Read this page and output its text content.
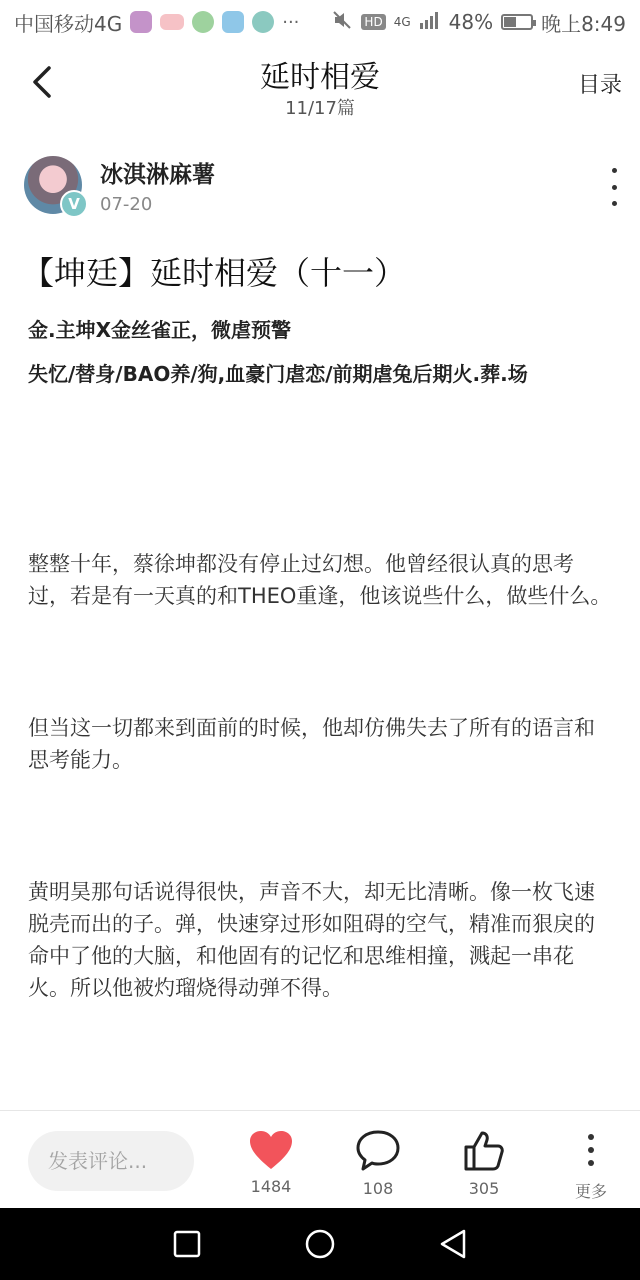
中国移动4G	···	HD 4G 48% 晚上8:49
延时相爱
11/17篇
目录
V
冰淇淋麻薯
07-20
【坤廷】延时相爱（十一）

金.主坤X金丝雀正，微虐预警

失忆/替身/BAO养/狗,血豪门虐恋/前期虐兔后期火.葬.场

整整十年，蔡徐坤都没有停止过幻想。他曾经很认真的思考过，若是有一天真的和THEO重逢，他该说些什么，做些什么。

但当这一切都来到面前的时候，他却仿佛失去了所有的语言和思考能力。

黄明昊那句话说得很快，声音不大，却无比清晰。像一枚飞速脱壳而出的子。弹，快速穿过形如阻碍的空气，精准而狠戾的命中了他的大脑，和他固有的记忆和思维相撞，溅起一串花火。所以他被灼瑠烧得动弹不得。

发表评论...
1484	108	305	更多
